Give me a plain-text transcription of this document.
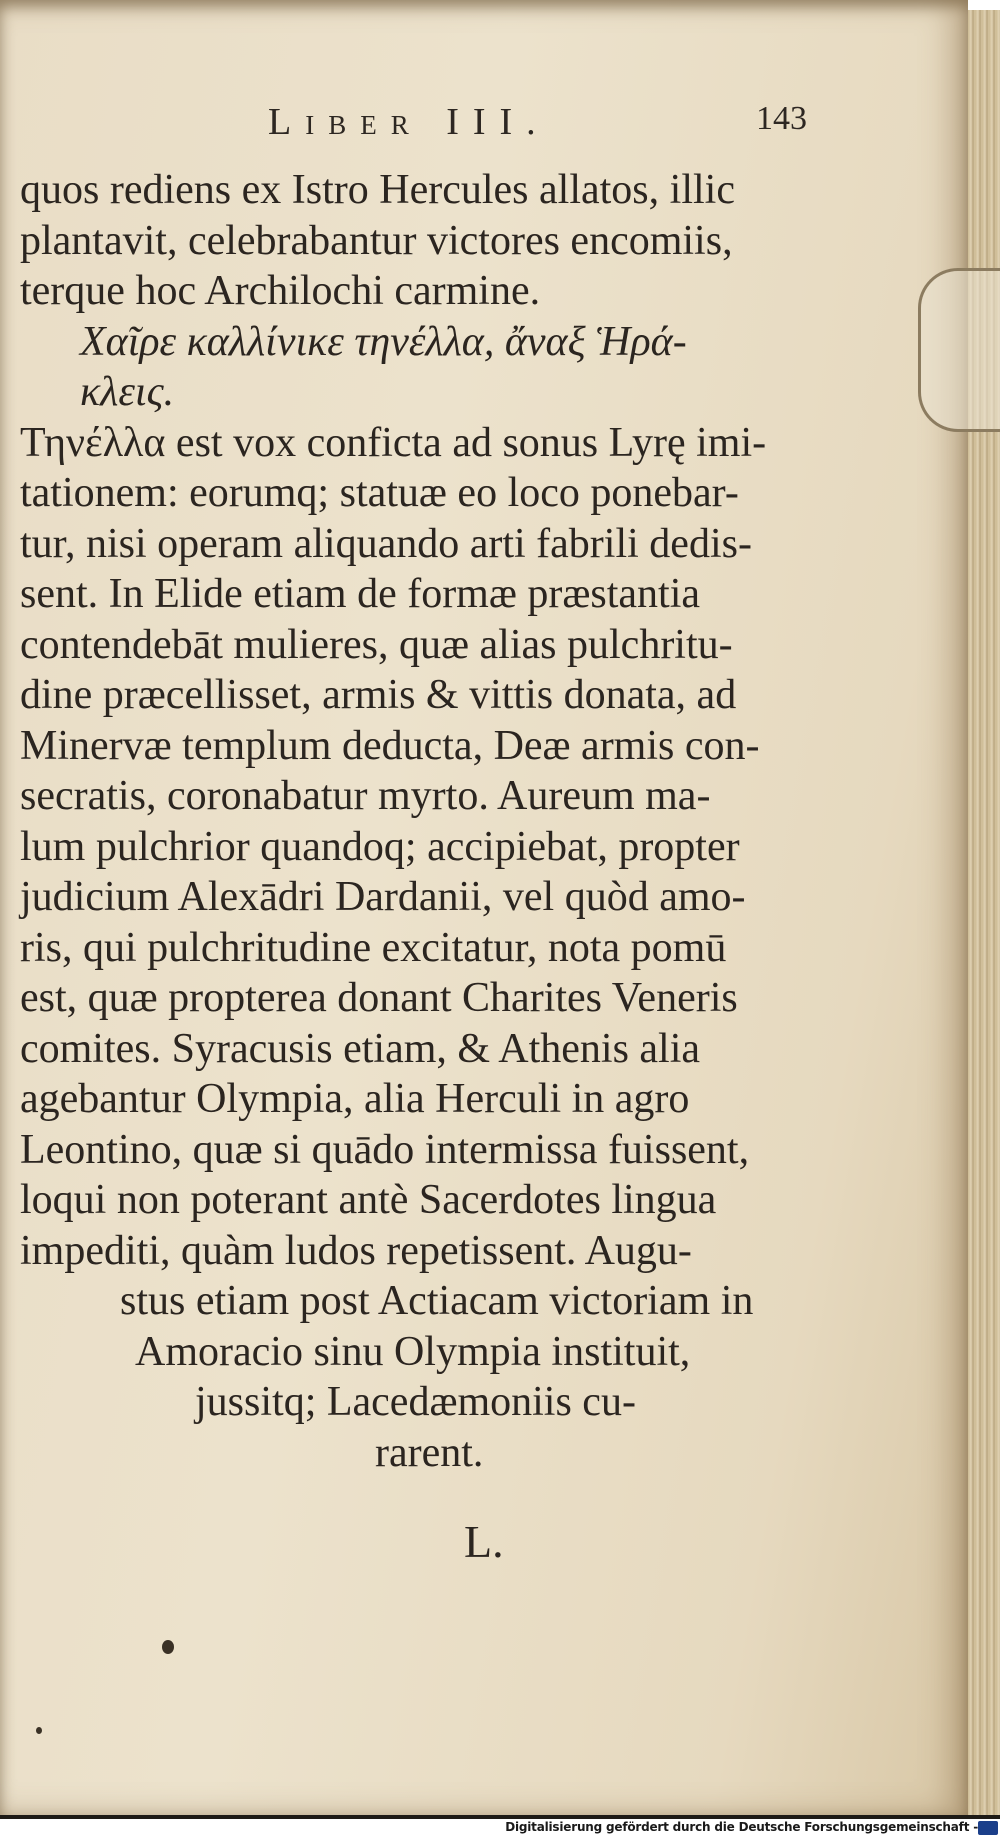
Liber III.	143
quos rediens ex Istro Hercules allatos, illic
plantavit, celebrabantur victores encomiis,
terque hoc Archilochi carmine.
Χαῖρε καλλίνικε τηνέλλα, ἄναξ Ἡρά-
κλεις.
Τηνέλλα est vox conficta ad sonus Lyrę imi-
tationem: eorumq; statuæ eo loco ponebar-
tur, nisi operam aliquando arti fabrili dedis-
sent. In Elide etiam de formæ præstantia
contendebāt mulieres, quæ alias pulchritu-
dine præcellisset, armis & vittis donata, ad
Minervæ templum deducta, Deæ armis con-
secratis, coronabatur myrto. Aureum ma-
lum pulchrior quandoq; accipiebat, propter
judicium Alexādri Dardanii, vel quòd amo-
ris, qui pulchritudine excitatur, nota pomū
est, quæ propterea donant Charites Veneris
comites. Syracusis etiam, & Athenis alia
agebantur Olympia, alia Herculi in agro
Leontino, quæ si quādo intermissa fuissent,
loqui non poterant antè Sacerdotes lingua
impediti, quàm ludos repetissent. Augu-
stus etiam post Actiacam victoriam in
Amoracio sinu Olympia instituit,
jussitq; Lacedæmoniis cu-
rarent.
L.
Digitalisierung gefördert durch die Deutsche Forschungsgemeinschaft -
